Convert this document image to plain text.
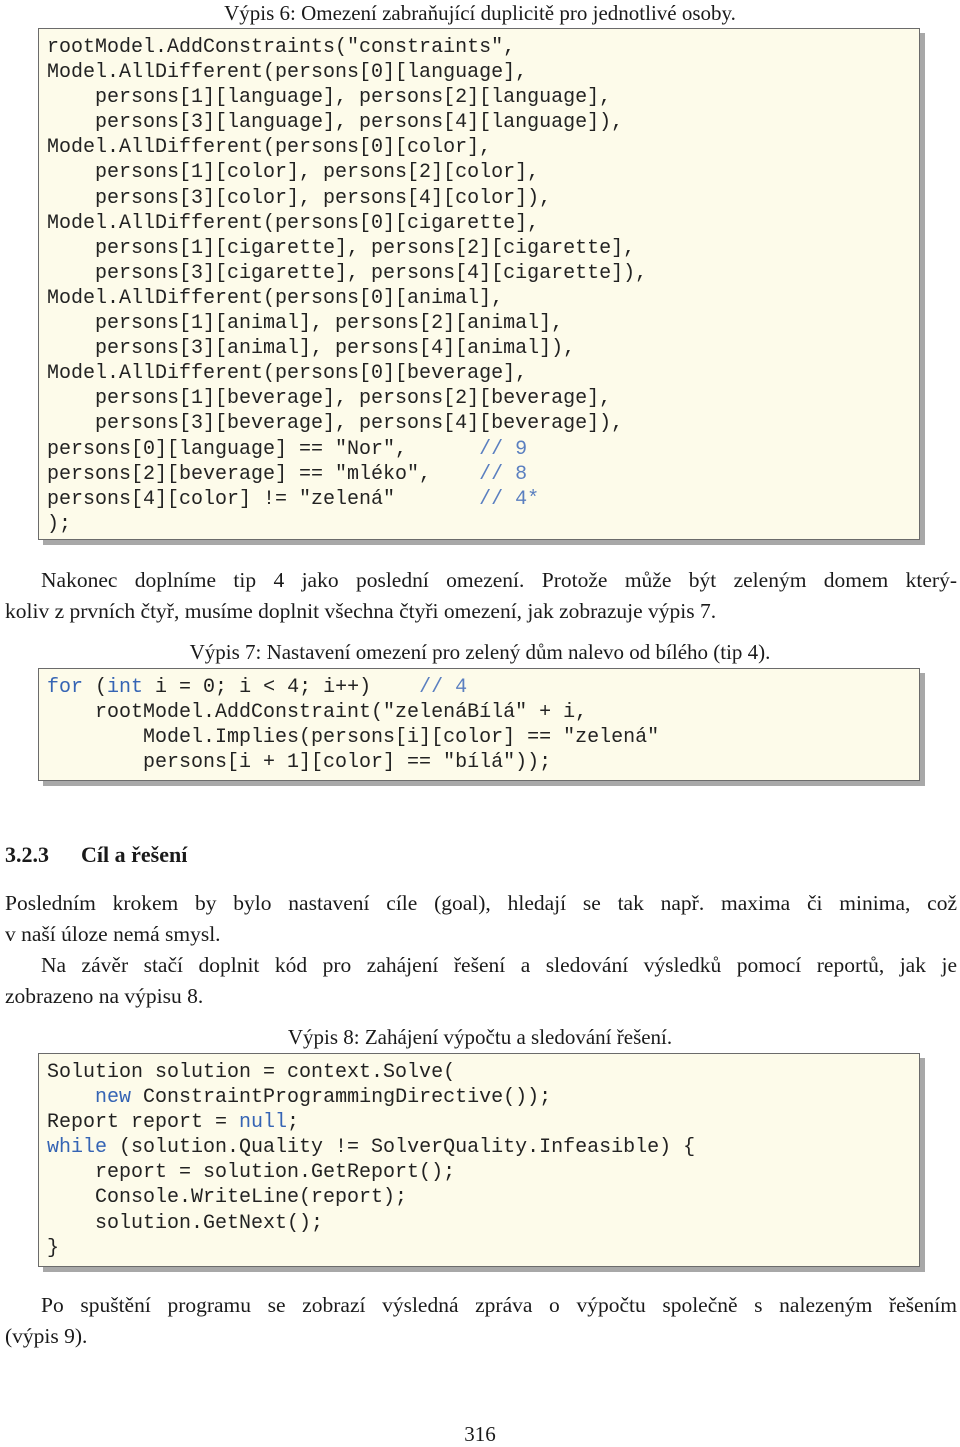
Výpis 6: Omezení zabraňující duplicitě pro jednotlivé osoby.
rootModel.AddConstraints("constraints",
Model.AllDifferent(persons[0][language],
persons[1][language], persons[2][language],
persons[3][language], persons[4][language]),
Model.AllDifferent(persons[0][color],
persons[1][color], persons[2][color],
persons[3][color], persons[4][color]),
Model.AllDifferent(persons[0][cigarette],
persons[1][cigarette], persons[2][cigarette],
persons[3][cigarette], persons[4][cigarette]),
Model.AllDifferent(persons[0][animal],
persons[1][animal], persons[2][animal],
persons[3][animal], persons[4][animal]),
Model.AllDifferent(persons[0][beverage],
persons[1][beverage], persons[2][beverage],
persons[3][beverage], persons[4][beverage]),
persons[0][language] == "Nor",      // 9
persons[2][beverage] == "mléko",    // 8
persons[4][color] != "zelená"       // 4*
);
Nakonec doplníme tip 4 jako poslední omezení. Protože může být zeleným domem který-
koliv z prvních čtyř, musíme doplnit všechna čtyři omezení, jak zobrazuje výpis 7.
Výpis 7: Nastavení omezení pro zelený dům nalevo od bílého (tip 4).
for (int i = 0; i < 4; i++)    // 4
rootModel.AddConstraint("zelenáBílá" + i,
Model.Implies(persons[i][color] == "zelená"
persons[i + 1][color] == "bílá"));
3.2.3 Cíl a řešení
Posledním krokem by bylo nastavení cíle (goal), hledají se tak např. maxima či minima, což
v naší úloze nemá smysl.
Na závěr stačí doplnit kód pro zahájení řešení a sledování výsledků pomocí reportů, jak je
zobrazeno na výpisu 8.
Výpis 8: Zahájení výpočtu a sledování řešení.
Solution solution = context.Solve(
new ConstraintProgrammingDirective());
Report report = null;
while (solution.Quality != SolverQuality.Infeasible) {
report = solution.GetReport();
Console.WriteLine(report);
solution.GetNext();
}
Po spuštění programu se zobrazí výsledná zpráva o výpočtu společně s nalezeným řešením
(výpis 9).
316
